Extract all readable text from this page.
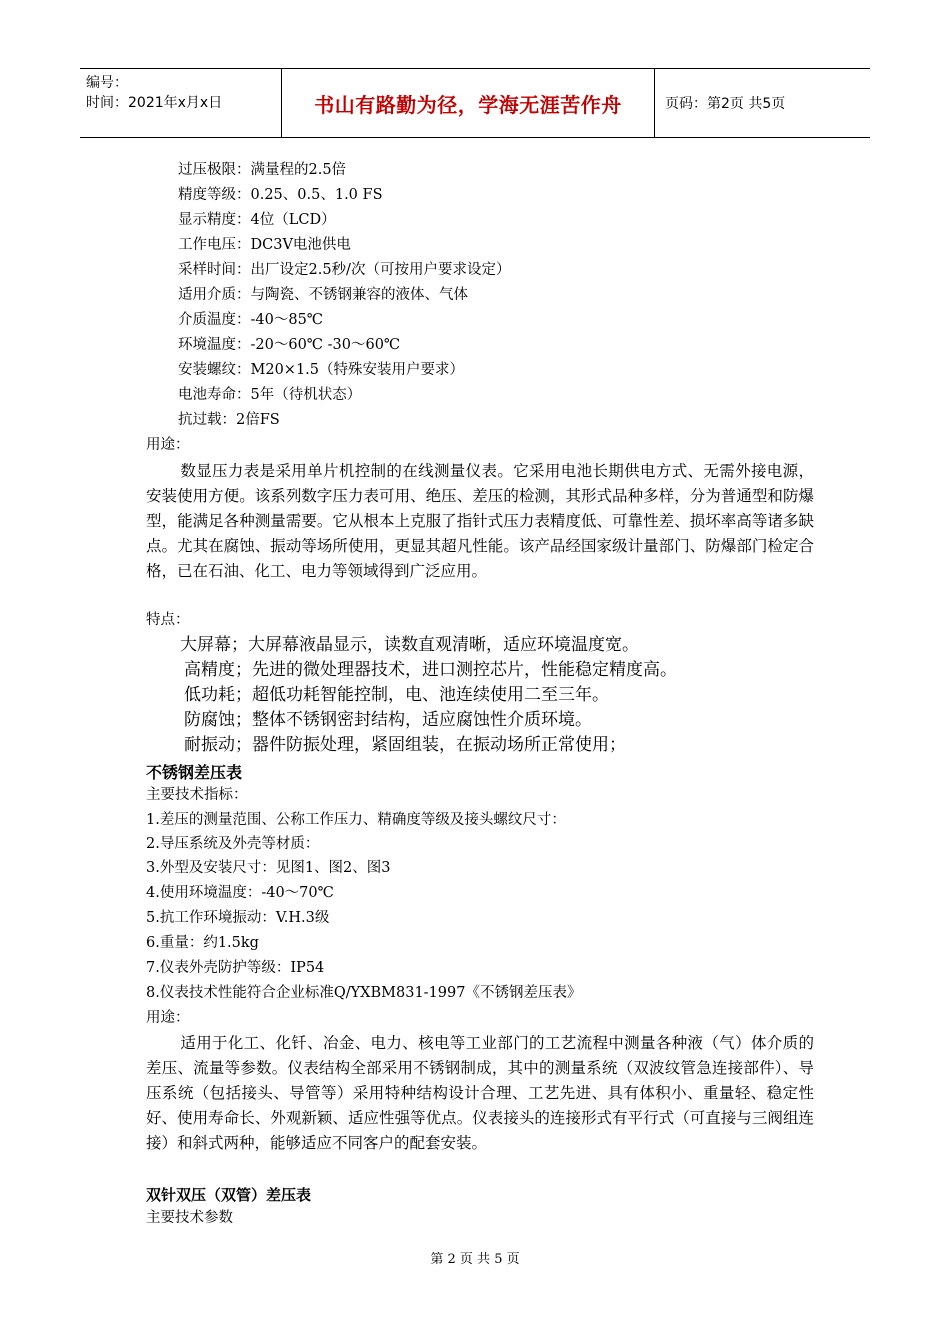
编号：
时间：2021年x月x日	书山有路勤为径，学海无涯苦作舟	页码：第2页 共5页
过压极限：满量程的2.5倍
精度等级：0.25、0.5、1.0 FS
显示精度：4位（LCD）
工作电压：DC3V电池供电
采样时间：出厂设定2.5秒/次（可按用户要求设定）
适用介质：与陶瓷、不锈钢兼容的液体、气体
介质温度：-40～85℃
环境温度：-20～60℃ -30～60℃
安装螺纹：M20×1.5（特殊安装用户要求）
电池寿命：5年（待机状态）
抗过载：2倍FS
用途：
数显压力表是采用单片机控制的在线测量仪表。它采用电池长期供电方式、无需外接电源，安装使用方便。该系列数字压力表可用、绝压、差压的检测，其形式品种多样，分为普通型和防爆型，能满足各种测量需要。它从根本上克服了指针式压力表精度低、可靠性差、损坏率高等诸多缺点。尤其在腐蚀、振动等场所使用，更显其超凡性能。该产品经国家级计量部门、防爆部门检定合格，已在石油、化工、电力等领域得到广泛应用。
特点：
大屏幕；大屏幕液晶显示，读数直观清晰，适应环境温度宽。
高精度；先进的微处理器技术，进口测控芯片，性能稳定精度高。
低功耗；超低功耗智能控制，电、池连续使用二至三年。
防腐蚀；整体不锈钢密封结构，适应腐蚀性介质环境。
耐振动；器件防振处理，紧固组装，在振动场所正常使用；
不锈钢差压表
主要技术指标：
1.差压的测量范围、公称工作压力、精确度等级及接头螺纹尺寸：
2.导压系统及外壳等材质：
3.外型及安装尺寸：见图1、图2、图3
4.使用环境温度：-40～70℃
5.抗工作环境振动：V.H.3级
6.重量：约1.5kg
7.仪表外壳防护等级：IP54
8.仪表技术性能符合企业标准Q/YXBM831-1997《不锈钢差压表》
用途：
适用于化工、化钎、冶金、电力、核电等工业部门的工艺流程中测量各种液（气）体介质的差压、流量等参数。仪表结构全部采用不锈钢制成，其中的测量系统（双波纹管急连接部件）、导压系统（包括接头、导管等）采用特种结构设计合理、工艺先进、具有体积小、重量轻、稳定性好、使用寿命长、外观新颖、适应性强等优点。仪表接头的连接形式有平行式（可直接与三阀组连接）和斜式两种，能够适应不同客户的配套安装。
双针双压（双管）差压表
主要技术参数
第 2 页 共 5 页
